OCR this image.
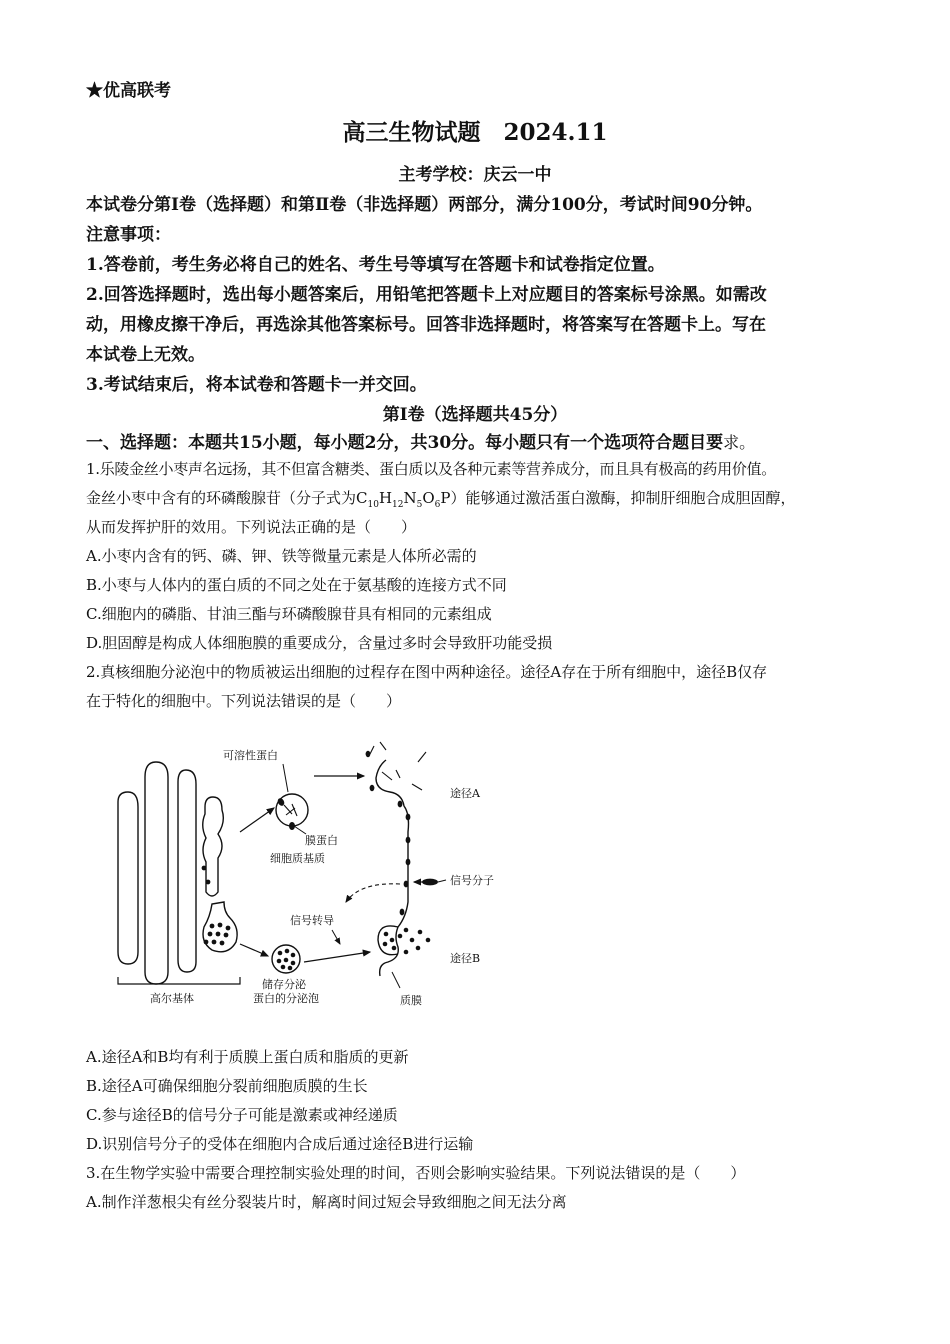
★优高联考
高三生物试题　2024.11
主考学校：庆云一中
本试卷分第Ⅰ卷（选择题）和第Ⅱ卷（非选择题）两部分，满分100分，考试时间90分钟。
注意事项：
1.答卷前，考生务必将自己的姓名、考生号等填写在答题卡和试卷指定位置。
2.回答选择题时，选出每小题答案后，用铅笔把答题卡上对应题目的答案标号涂黑。如需改
动，用橡皮擦干净后，再选涂其他答案标号。回答非选择题时，将答案写在答题卡上。写在
本试卷上无效。
3.考试结束后，将本试卷和答题卡一并交回。
第Ⅰ卷（选择题共45分）
一、选择题：本题共15小题，每小题2分，共30分。每小题只有一个选项符合题目要求。
1.乐陵金丝小枣声名远扬，其不但富含糖类、蛋白质以及各种元素等营养成分，而且具有极高的药用价值。
金丝小枣中含有的环磷酸腺苷（分子式为$C_{10}H_{12}N_5O_6P$）能够通过激活蛋白激酶，抑制肝细胞合成胆固醇，
从而发挥护肝的效用。下列说法正确的是（　　）
A.小枣内含有的钙、磷、钾、铁等微量元素是人体所必需的
B.小枣与人体内的蛋白质的不同之处在于氨基酸的连接方式不同
C.细胞内的磷脂、甘油三酯与环磷酸腺苷具有相同的元素组成
D.胆固醇是构成人体细胞膜的重要成分，含量过多时会导致肝功能受损
2.真核细胞分泌泡中的物质被运出细胞的过程存在图中两种途径。途径A存在于所有细胞中，途径B仅存
在于特化的细胞中。下列说法错误的是（　　）
高尔基体
可溶性蛋白
膜蛋白
途径A
细胞质基质
信号分子
信号转导
储存分泌
蛋白的分泌泡
途径B
质膜
A.途径A和B均有利于质膜上蛋白质和脂质的更新
B.途径A可确保细胞分裂前细胞质膜的生长
C.参与途径B的信号分子可能是激素或神经递质
D.识别信号分子的受体在细胞内合成后通过途径B进行运输
3.在生物学实验中需要合理控制实验处理的时间，否则会影响实验结果。下列说法错误的是（　　）
A.制作洋葱根尖有丝分裂装片时，解离时间过短会导致细胞之间无法分离
